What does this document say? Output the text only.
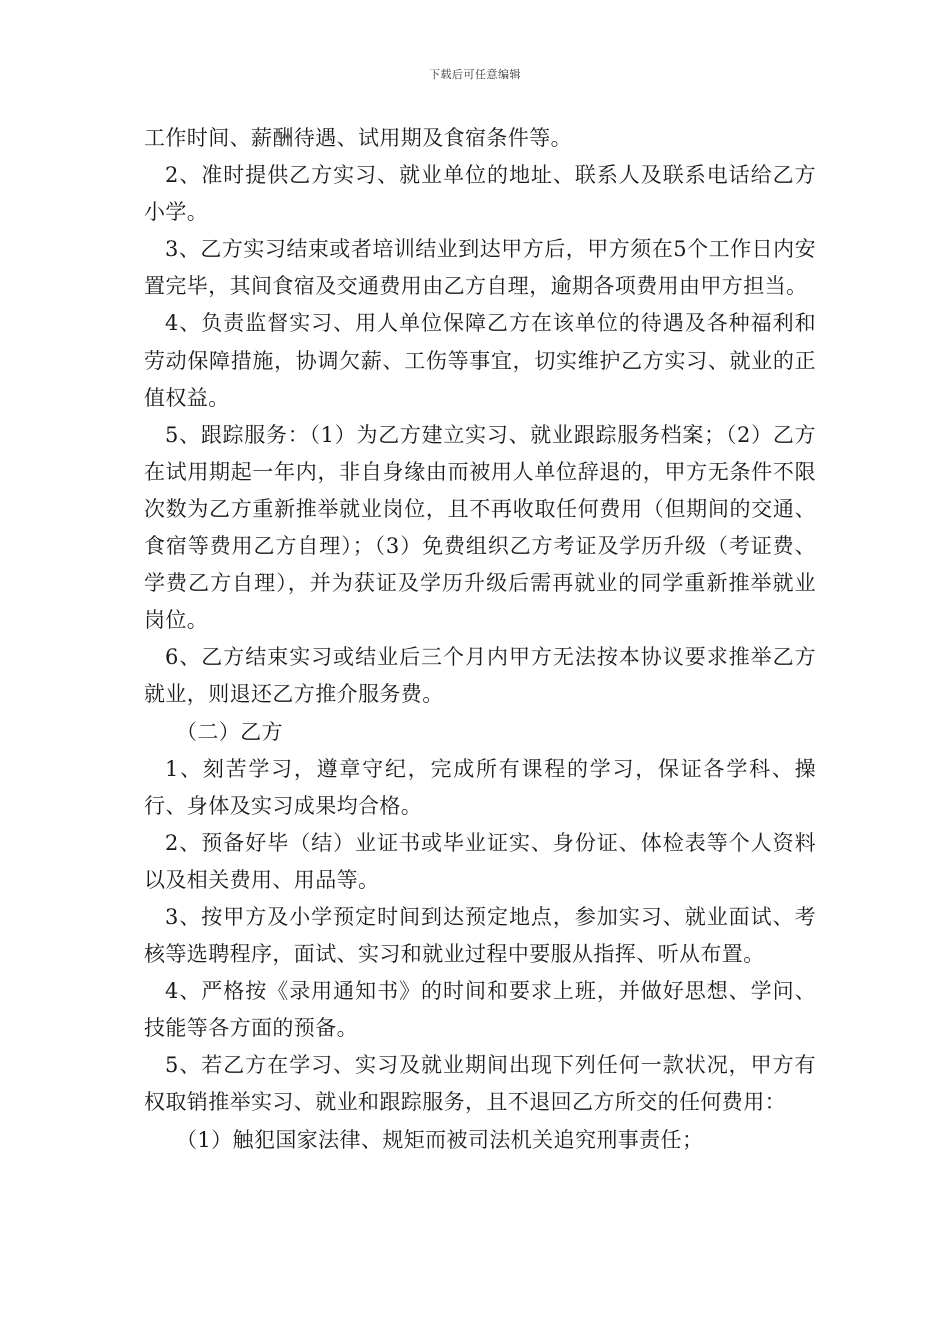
下载后可任意编辑

工作时间、薪酬待遇、试用期及食宿条件等。

2、准时提供乙方实习、就业单位的地址、联系人及联系电话给乙方小学。

3、乙方实习结束或者培训结业到达甲方后，甲方须在5个工作日内安置完毕，其间食宿及交通费用由乙方自理，逾期各项费用由甲方担当。

4、负责监督实习、用人单位保障乙方在该单位的待遇及各种福利和劳动保障措施，协调欠薪、工伤等事宜，切实维护乙方实习、就业的正值权益。

5、跟踪服务：（1）为乙方建立实习、就业跟踪服务档案；（2）乙方在试用期起一年内，非自身缘由而被用人单位辞退的，甲方无条件不限次数为乙方重新推举就业岗位，且不再收取任何费用（但期间的交通、食宿等费用乙方自理）；（3）免费组织乙方考证及学历升级（考证费、学费乙方自理），并为获证及学历升级后需再就业的同学重新推举就业岗位。

6、乙方结束实习或结业后三个月内甲方无法按本协议要求推举乙方就业，则退还乙方推介服务费。

（二）乙方

1、刻苦学习，遵章守纪，完成所有课程的学习，保证各学科、操行、身体及实习成果均合格。

2、预备好毕（结）业证书或毕业证实、身份证、体检表等个人资料以及相关费用、用品等。

3、按甲方及小学预定时间到达预定地点，参加实习、就业面试、考核等选聘程序，面试、实习和就业过程中要服从指挥、听从布置。

4、严格按《录用通知书》的时间和要求上班，并做好思想、学问、技能等各方面的预备。

5、若乙方在学习、实习及就业期间出现下列任何一款状况，甲方有权取销推举实习、就业和跟踪服务，且不退回乙方所交的任何费用：

（1）触犯国家法律、规矩而被司法机关追究刑事责任；
